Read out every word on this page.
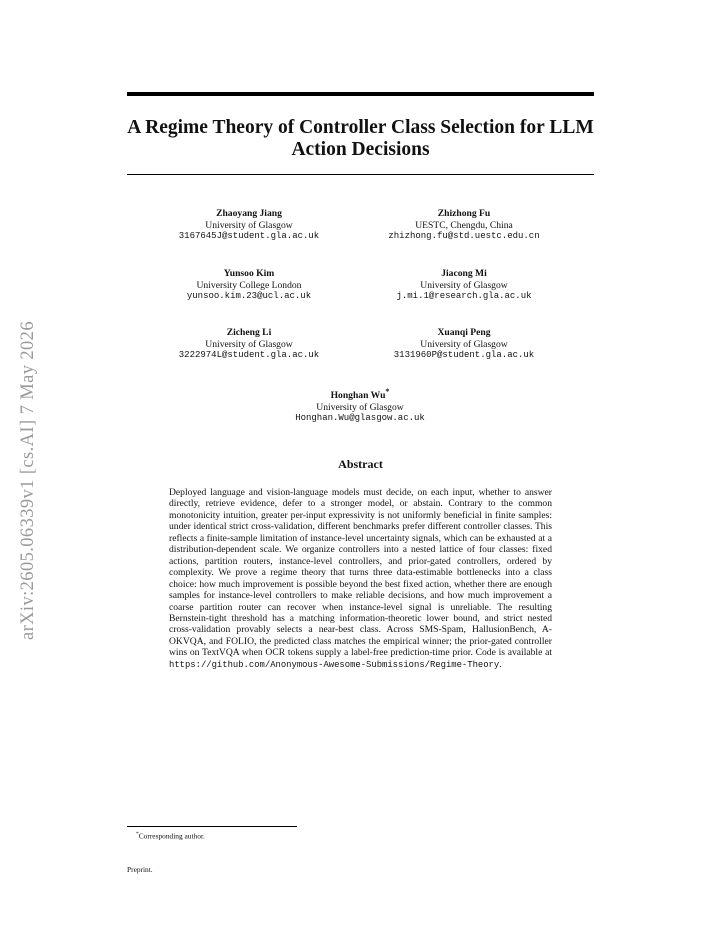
arXiv:2605.06339v1 [cs.AI] 7 May 2026
A Regime Theory of Controller Class Selection for LLM Action Decisions
Zhaoyang Jiang
University of Glasgow
3167645J@student.gla.ac.uk
Zhizhong Fu
UESTC, Chengdu, China
zhizhong.fu@std.uestc.edu.cn
Yunsoo Kim
University College London
yunsoo.kim.23@ucl.ac.uk
Jiacong Mi
University of Glasgow
j.mi.1@research.gla.ac.uk
Zicheng Li
University of Glasgow
3222974L@student.gla.ac.uk
Xuanqi Peng
University of Glasgow
3131960P@student.gla.ac.uk
Honghan Wu*
University of Glasgow
Honghan.Wu@glasgow.ac.uk
Abstract
Deployed language and vision-language models must decide, on each input, whether to answer directly, retrieve evidence, defer to a stronger model, or abstain. Contrary to the common monotonicity intuition, greater per-input expressivity is not uniformly beneficial in finite samples: under identical strict cross-validation, different benchmarks prefer different controller classes. This reflects a finite-sample limitation of instance-level uncertainty signals, which can be exhausted at a distribution-dependent scale. We organize controllers into a nested lattice of four classes: fixed actions, partition routers, instance-level controllers, and prior-gated controllers, ordered by complexity. We prove a regime theory that turns three data-estimable bottlenecks into a class choice: how much improvement is possible beyond the best fixed action, whether there are enough samples for instance-level controllers to make reliable decisions, and how much improvement a coarse partition router can recover when instance-level signal is unreliable. The resulting Bernstein-tight threshold has a matching information-theoretic lower bound, and strict nested cross-validation provably selects a near-best class. Across SMS-Spam, HallusionBench, A-OKVQA, and FOLIO, the predicted class matches the empirical winner; the prior-gated controller wins on TextVQA when OCR tokens supply a label-free prediction-time prior. Code is available at https://github.com/Anonymous-Awesome-Submissions/Regime-Theory.
*Corresponding author.
Preprint.
